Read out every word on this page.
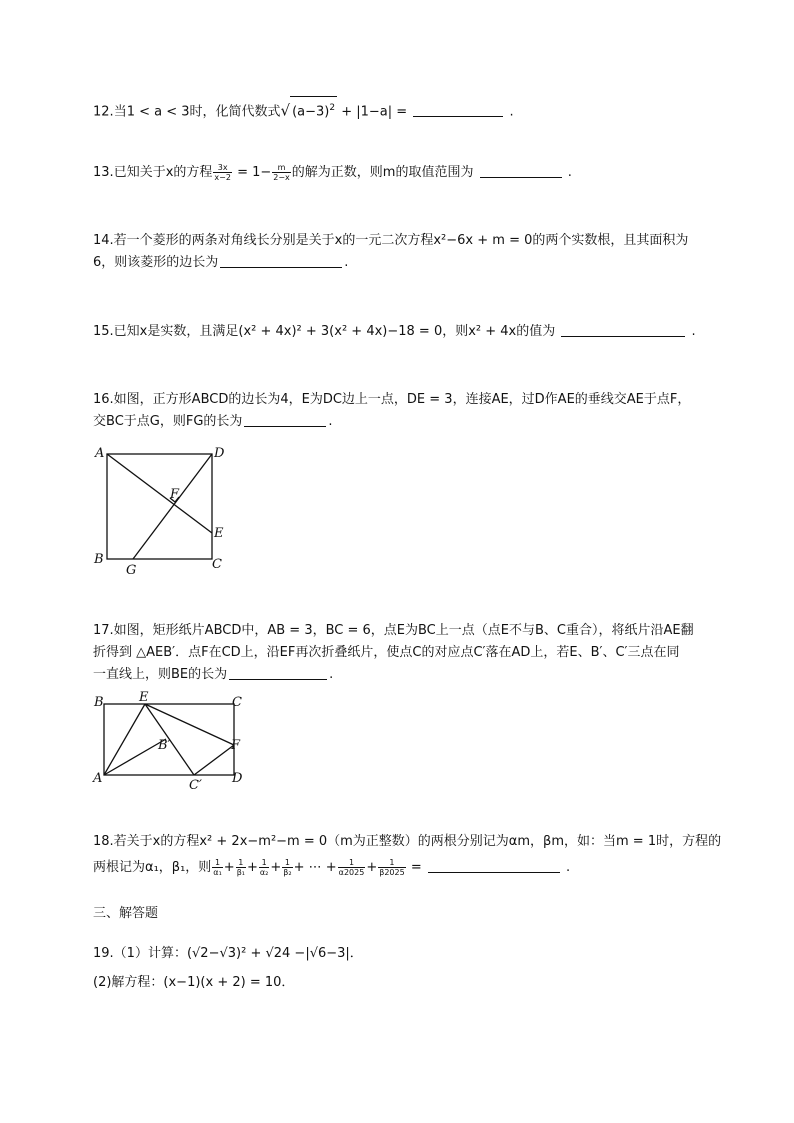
12.当1 < a < 3时，化简代数式√ $(a-3)^2 + |1-a|$ =	.
13.已知关于x的方程 $\frac{3x}{x-2} = 1- \frac{m}{2-x}$ 的解为正数，则m的取值范围为	.
14.若一个菱形的两条对角线长分别是关于x的一元二次方程x²−6x + m = 0的两个实数根，且其面积为
6，则该菱形的边长为	.
15.已知x是实数，且满足(x² + 4x)² + 3(x² + 4x)−18 = 0，则x² + 4x的值为	.
16.如图，正方形ABCD的边长为4，E为DC边上一点，DE = 3，连接AE，过D作AE的垂线交AE于点F，
交BC于点G，则FG的长为	.
A	D
B	C
E
F
G
17.如图，矩形纸片ABCD中，AB = 3，BC = 6，点E为BC上一点（点E不与B、C重合），将纸片沿AE翻
折得到 △AEB′．点F在CD上，沿EF再次折叠纸片，使点C的对应点C′落在AD上，若E、B′、C′三点在同
一直线上，则BE的长为	.
B	E	C
F
B′
A	C′ D
18.若关于x的方程x² + 2x−m²−m = 0（m为正整数）的两根分别记为αm，βm，如：当m = 1时，方程的
两根记为α₁，β₁，则 $\frac{1}{\text{α₁}} + \frac{1}{\text{β₁}} + \frac{1}{\text{α₂}} + \frac{1}{\text{β₂}}$ + ⋯ + $\frac{1}{\alpha 2025} + \frac{1}{\beta 2025}$ =	.
三、解答题
19.（1）计算：(√2−√3)² + √24 −|√6−3|．
(2)解方程：(x−1)(x + 2) = 10．
